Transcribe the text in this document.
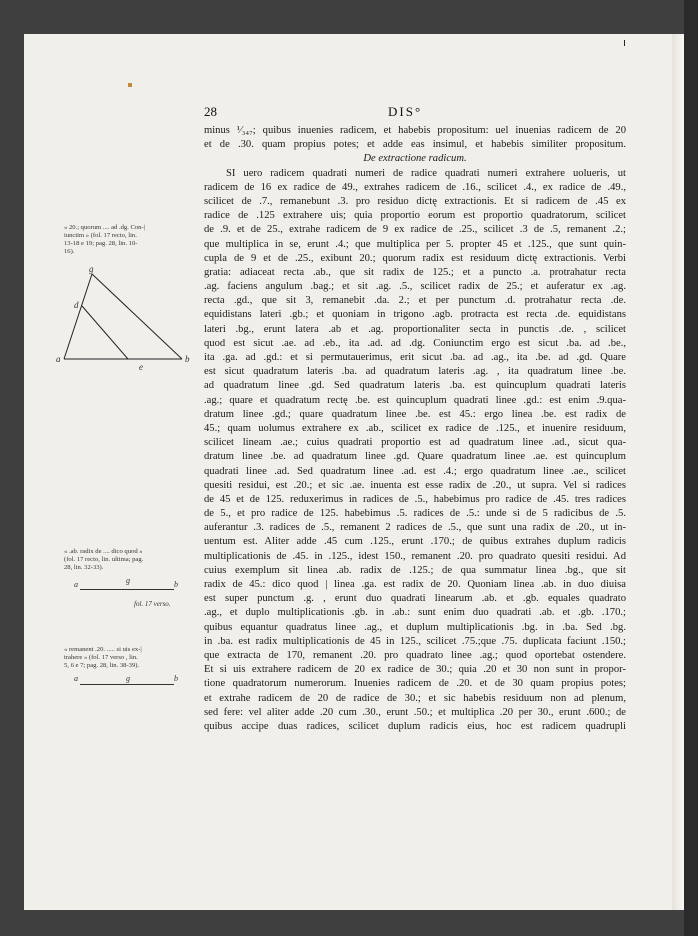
28	DIS°
« 20.; quorum .... ad .dg. Con-|
iunctim » (fol. 17 recto, lin.
13-18 e 19; pag. 28, lin. 10-
16).
g
d
a
e
b
« .ab. radix de .... dico quod »
(fol. 17 recto, lin. ultima; pag.
28, lin. 32-33).
a	g	b
fol. 17 verso.
« remanent .20. ..... si uis ex-|
trahere » (fol. 17 verso , lin.
5, 6 e 7; pag. 28, lin. 38-39).
a	g	b
minus ¹⁄₃₄₇; quibus inuenies radicem, et habebis propositum: uel inuenias radicem de 20
et de .30. quam propius potes; et adde eas insimul, et habebis similiter propositum.
De extractione radicum.
SI uero radicem quadrati numeri de radice quadrati numeri extrahere uolueris, ut
radicem de 16 ex radice de 49., extrahes radicem de .16., scilicet .4., ex radice de .49.,
scilicet de .7., remanebunt .3. pro residuo dictę extractionis. Et si radicem de .45 ex
radice de .125 extrahere uis; quia proportio eorum est proportio quadratorum, scilicet
de .9. et de 25., extrahe radicem de 9 ex radice de .25., scilicet .3 de .5, remanent .2.;
que multiplica in se, erunt .4.; que multiplica per 5. propter 45 et .125., que sunt quin-
cupla de 9 et de .25., exibunt 20.; quorum radix est residuum dictę extractionis. Verbi
gratia: adiaceat recta .ab., que sit radix de 125.; et a puncto .a. protrahatur recta
.ag. faciens angulum .bag.; et sit .ag. .5., scilicet radix de 25.; et auferatur ex .ag.
recta .gd., que sit 3, remanebit .da. 2.; et per punctum .d. protrahatur recta .de.
equidistans lateri .gb.; et quoniam in trigono .agb. protracta est recta .de. equidistans
lateri .bg., erunt latera .ab et .ag. proportionaliter secta in punctis .de. , scilicet
quod est sicut .ae. ad .eb., ita .ad. ad .dg. Coniunctim ergo est sicut .ba. ad .be.,
ita .ga. ad .gd.: et si permutauerimus, erit sicut .ba. ad .ag., ita .be. ad .gd. Quare
est sicut quadratum lateris .ba. ad quadratum lateris .ag. , ita quadratum linee .be.
ad quadratum linee .gd. Sed quadratum lateris .ba. est quincuplum quadrati lateris
.ag.; quare et quadratum rectę .be. est quincuplum quadrati linee .gd.: est enim .9.qua-
dratum linee .gd.; quare quadratum linee .be. est 45.: ergo linea .be. est radix de
45.; quam uolumus extrahere ex .ab., scilicet ex radice de .125., et inuenire residuum,
scilicet lineam .ae.; cuius quadrati proportio est ad quadratum linee .ad., sicut qua-
dratum linee .be. ad quadratum linee .gd. Quare quadratum linee .ae. est quincuplum
quadrati linee .ad. Sed quadratum linee .ad. est .4.; ergo quadratum linee .ae., scilicet
quesiti residui, est .20.; et sic .ae. inuenta est esse radix de .20., ut supra. Vel si radices
de 45 et de 125. reduxerimus in radices de .5., habebimus pro radice de .45. tres radices
de 5., et pro radice de 125. habebimus .5. radices de .5.: unde si de 5 radicibus de .5.
auferantur .3. radices de .5., remanent 2 radices de .5., que sunt una radix de .20., ut in-
uentum est. Aliter adde .45 cum .125., erunt .170.; de quibus extrahes duplum radicis
multiplicationis de .45. in .125., idest 150., remanent .20. pro quadrato quesiti residui. Ad
cuius exemplum sit linea .ab. radix de .125.; de qua summatur linea .bg., que sit
radix de 45.: dico quod | linea .ga. est radix de 20. Quoniam linea .ab. in duo diuisa
est super punctum .g. , erunt duo quadrati linearum .ab. et .gb. equales quadrato
.ag., et duplo multiplicationis .gb. in .ab.: sunt enim duo quadrati .ab. et .gb. .170.;
quibus equantur quadratus linee .ag., et duplum multiplicationis .bg. in .ba. Sed .bg.
in .ba. est radix multiplicationis de 45 in 125., scilicet .75.;que .75. duplicata faciunt .150.;
que extracta de 170, remanent .20. pro quadrato linee .ag.; quod oportebat ostendere.
Et si uis extrahere radicem de 20 ex radice de 30.; quia .20 et 30 non sunt in propor-
tione quadratorum numerorum. Inuenies radicem de .20. et de 30 quam propius potes;
et extrahe radicem de 20 de radice de 30.; et sic habebis residuum non ad plenum,
sed fere: vel aliter adde .20 cum .30., erunt .50.; et multiplica .20 per 30., erunt .600.; de
quibus accipe duas radices, scilicet duplum radicis eius, hoc est radicem quadrupli
